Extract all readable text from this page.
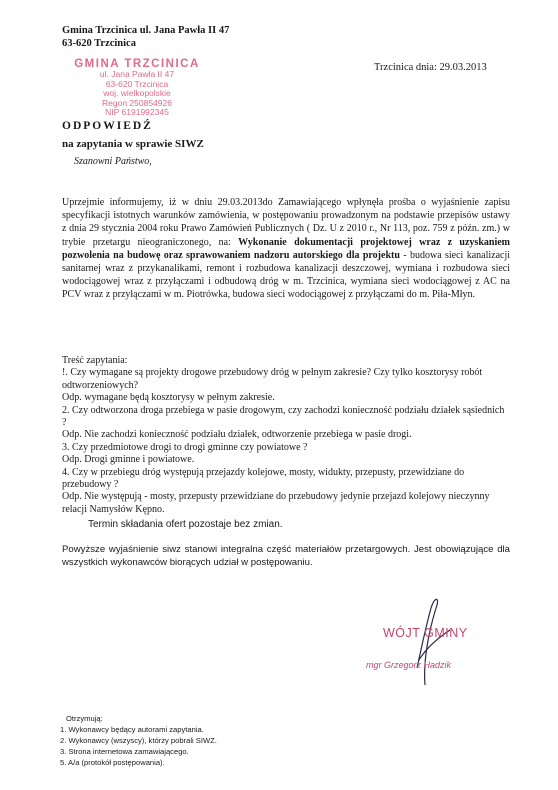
Gmina Trzcinica ul. Jana Pawła II 47
63-620 Trzcinica
GMINA TRZCINICA
ul. Jana Pawła II 47
63-620 Trzcinica
woj. wielkopolskie
Regon 250854926
NIP 6191992345
Trzcinica dnia: 29.03.2013
ODPOWIEDŹ
na zapytania w sprawie SIWZ
Szanowni Państwo,
Uprzejmie informujemy, iż w dniu 29.03.2013do Zamawiającego wpłynęła prośba o wyjaśnienie zapisu specyfikacji istotnych warunków zamówienia, w postępowaniu prowadzonym na podstawie przepisów ustawy z dnia 29 stycznia 2004 roku Prawo Zamówień Publicznych ( Dz. U z 2010 r., Nr 113, poz. 759 z późn. zm.) w trybie przetargu nieograniczonego, na: Wykonanie dokumentacji projektowej wraz z uzyskaniem pozwolenia na budowę oraz sprawowaniem nadzoru autorskiego dla projektu - budowa sieci kanalizacji sanitarnej wraz z przykanalikami, remont i rozbudowa kanalizacji deszczowej, wymiana i rozbudowa sieci wodociągowej wraz z przyłączami i odbudową dróg w m. Trzcinica, wymiana sieci wodociągowej z AC na PCV wraz z przyłączami w m. Piotrówka, budowa sieci wodociągowej z przyłączami do m. Piła-Młyn.
Treść zapytania:
!. Czy wymagane są projekty drogowe przebudowy dróg w pełnym zakresie? Czy tylko kosztorysy robót odtworzeniowych?
Odp. wymagane będą kosztorysy w pełnym zakresie.
2. Czy odtworzona droga przebiega w pasie drogowym, czy zachodzi konieczność podziału działek sąsiednich ?
Odp. Nie zachodzi konieczność podziału działek, odtworzenie przebiega w pasie drogi.
3. Czy przedmiotowe drogi to drogi gminne czy powiatowe ?
Odp. Drogi gminne i powiatowe.
4. Czy w przebiegu dróg występują przejazdy kolejowe, mosty, widukty, przepusty, przewidziane do przebudowy ?
Odp. Nie występują - mosty, przepusty przewidziane do przebudowy jedynie przejazd kolejowy nieczynny relacji Namysłów Kępno.
Termin składania ofert pozostaje bez zmian.
Powyższe wyjaśnienie siwz stanowi integralna część materiałów przetargowych. Jest obowiązujące dla wszystkich wykonawców biorących udział w postępowaniu.
WÓJT GMINY
mgr Grzegorz Hadzik
Otrzymują:
1. Wykonawcy będący autorami zapytania.
2. Wykonawcy (wszyscy), którzy pobrali SIWZ.
3. Strona internetowa zamawiającego.
5. A/a (protokół postępowania).
